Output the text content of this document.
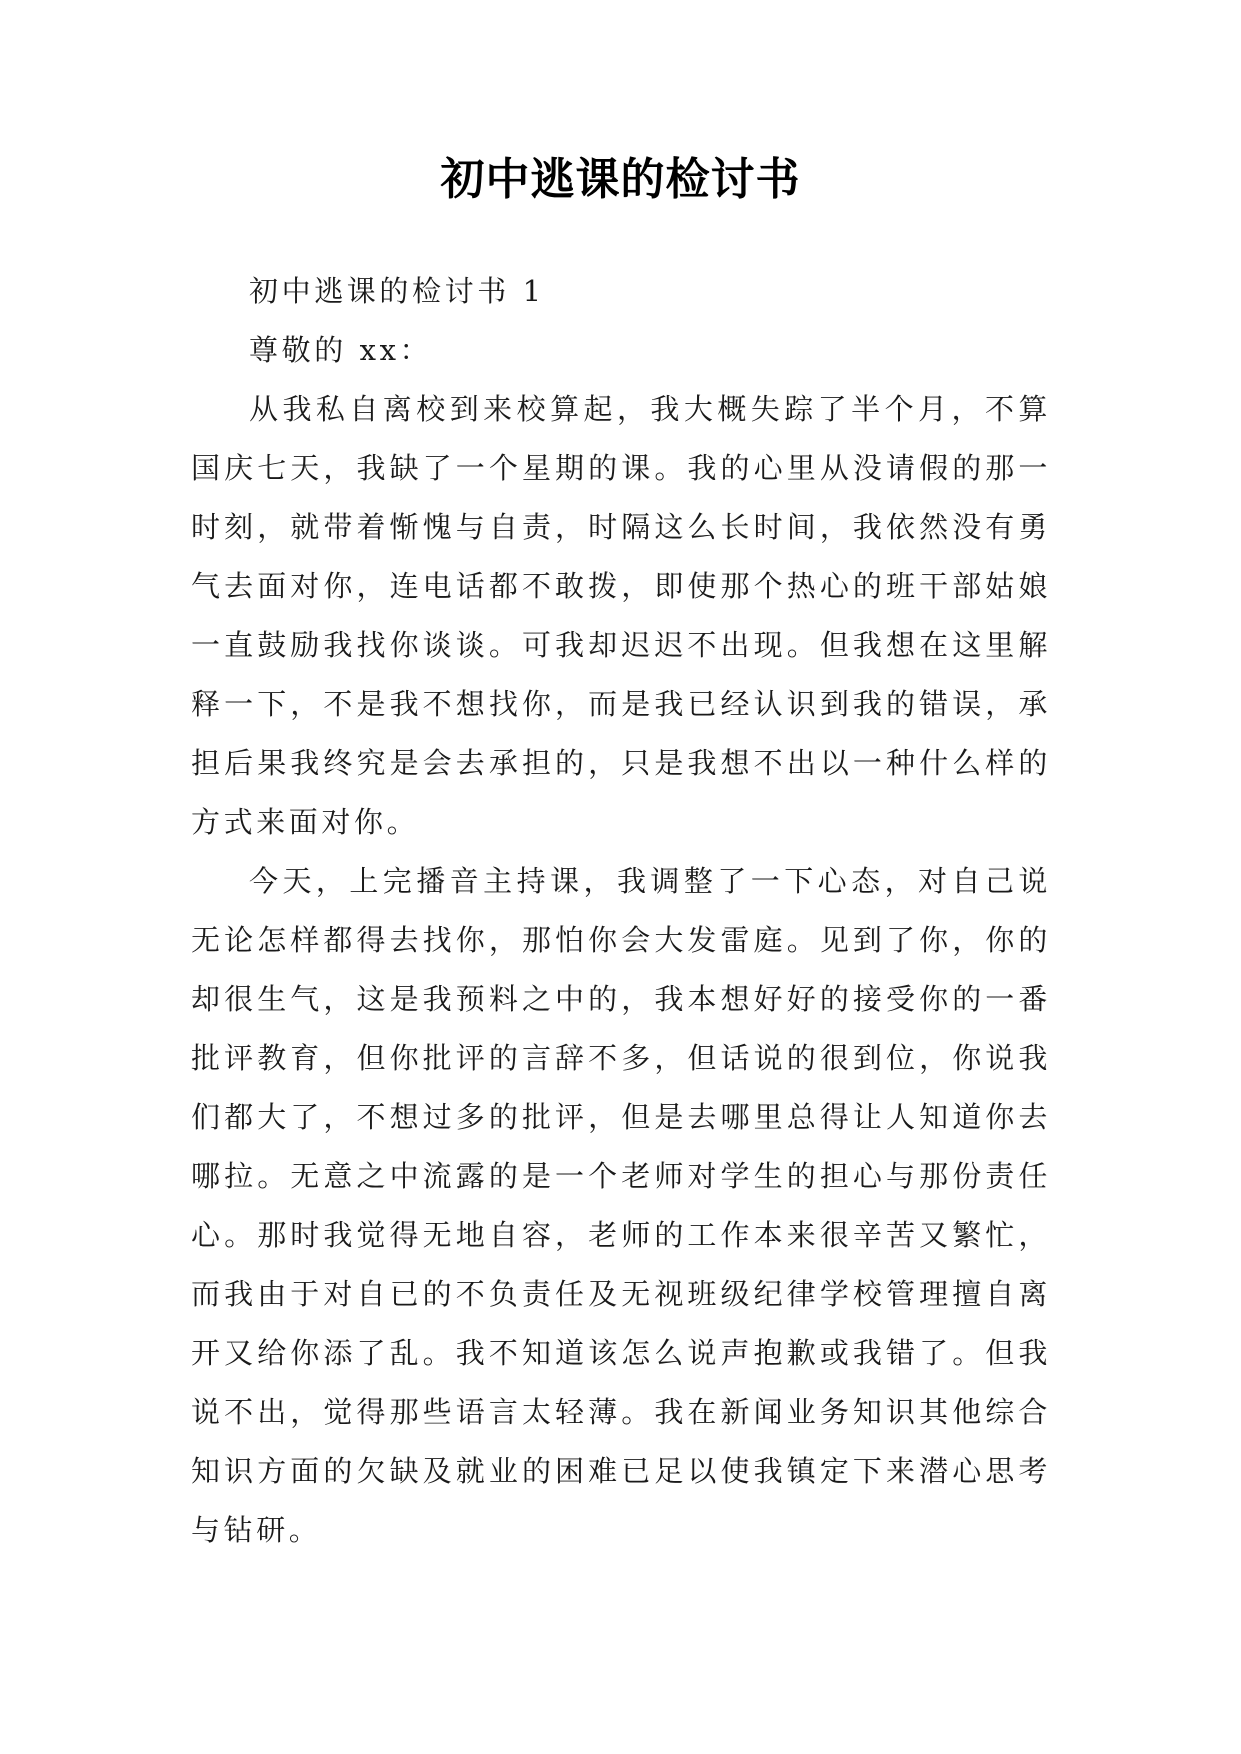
初中逃课的检讨书

初中逃课的检讨书 1

尊敬的 xx：

从我私自离校到来校算起，我大概失踪了半个月，不算国庆七天，我缺了一个星期的课。我的心里从没请假的那一时刻，就带着惭愧与自责，时隔这么长时间，我依然没有勇气去面对你，连电话都不敢拨，即使那个热心的班干部姑娘一直鼓励我找你谈谈。可我却迟迟不出现。但我想在这里解释一下，不是我不想找你，而是我已经认识到我的错误，承担后果我终究是会去承担的，只是我想不出以一种什么样的方式来面对你。

今天，上完播音主持课，我调整了一下心态，对自己说无论怎样都得去找你，那怕你会大发雷庭。见到了你，你的却很生气，这是我预料之中的，我本想好好的接受你的一番批评教育，但你批评的言辞不多，但话说的很到位，你说我们都大了，不想过多的批评，但是去哪里总得让人知道你去哪拉。无意之中流露的是一个老师对学生的担心与那份责任心。那时我觉得无地自容，老师的工作本来很辛苦又繁忙，而我由于对自已的不负责任及无视班级纪律学校管理擅自离开又给你添了乱。我不知道该怎么说声抱歉或我错了。但我说不出，觉得那些语言太轻薄。我在新闻业务知识其他综合知识方面的欠缺及就业的困难已足以使我镇定下来潜心思考与钻研。
